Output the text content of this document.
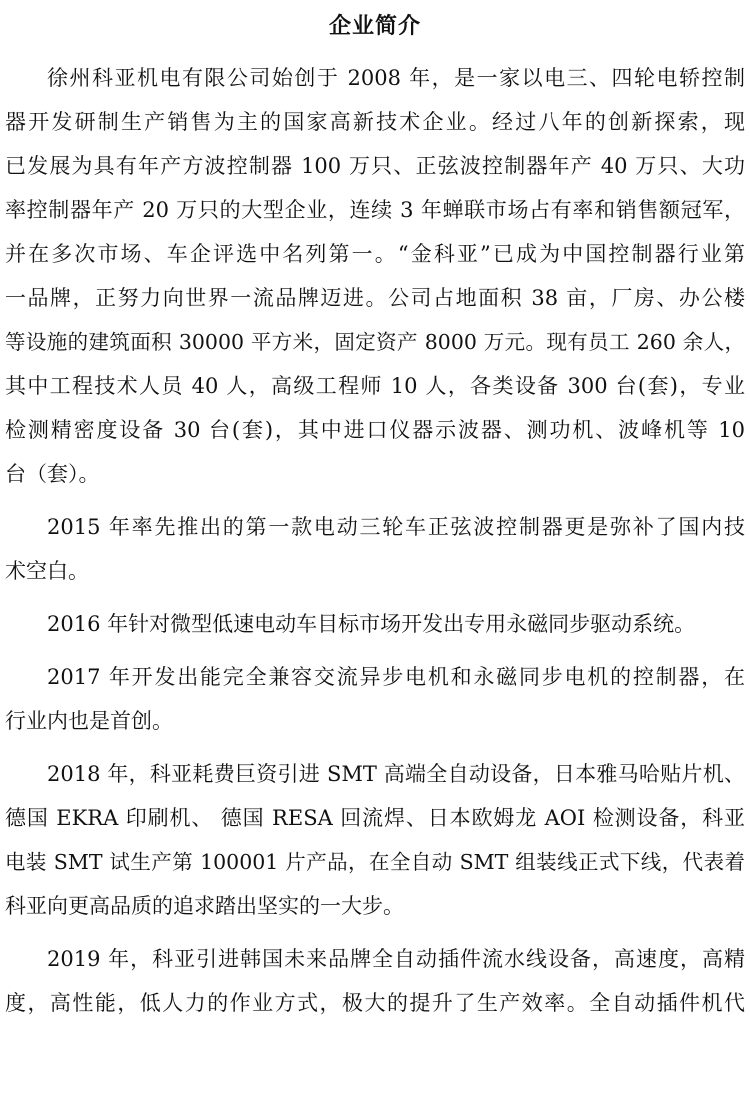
企业简介
徐州科亚机电有限公司始创于 2008 年，是一家以电三、四轮电轿控制
器开发研制生产销售为主的国家高新技术企业。经过八年的创新探索，现
已发展为具有年产方波控制器 100 万只、正弦波控制器年产 40 万只、大功
率控制器年产 20 万只的大型企业，连续 3 年蝉联市场占有率和销售额冠军，
并在多次市场、车企评选中名列第一。“金科亚”已成为中国控制器行业第
一品牌，正努力向世界一流品牌迈进。公司占地面积 38 亩，厂房、办公楼
等设施的建筑面积 30000 平方米，固定资产 8000 万元。现有员工 260 余人，
其中工程技术人员 40 人，高级工程师 10 人，各类设备 300 台(套)，专业
检测精密度设备 30 台(套)，其中进口仪器示波器、测功机、波峰机等 10
台（套）。
2015 年率先推出的第一款电动三轮车正弦波控制器更是弥补了国内技
术空白。
2016 年针对微型低速电动车目标市场开发出专用永磁同步驱动系统。
2017 年开发出能完全兼容交流异步电机和永磁同步电机的控制器，在
行业内也是首创。
2018 年，科亚耗费巨资引进 SMT 高端全自动设备，日本雅马哈贴片机、
德国 EKRA 印刷机、 德国 RESA 回流焊、日本欧姆龙 AOI 检测设备，科亚
电装 SMT 试生产第 100001 片产品，在全自动 SMT 组装线正式下线，代表着
科亚向更高品质的追求踏出坚实的一大步。
2019 年，科亚引进韩国未来品牌全自动插件流水线设备，高速度，高精
度，高性能，低人力的作业方式，极大的提升了生产效率。全自动插件机代
